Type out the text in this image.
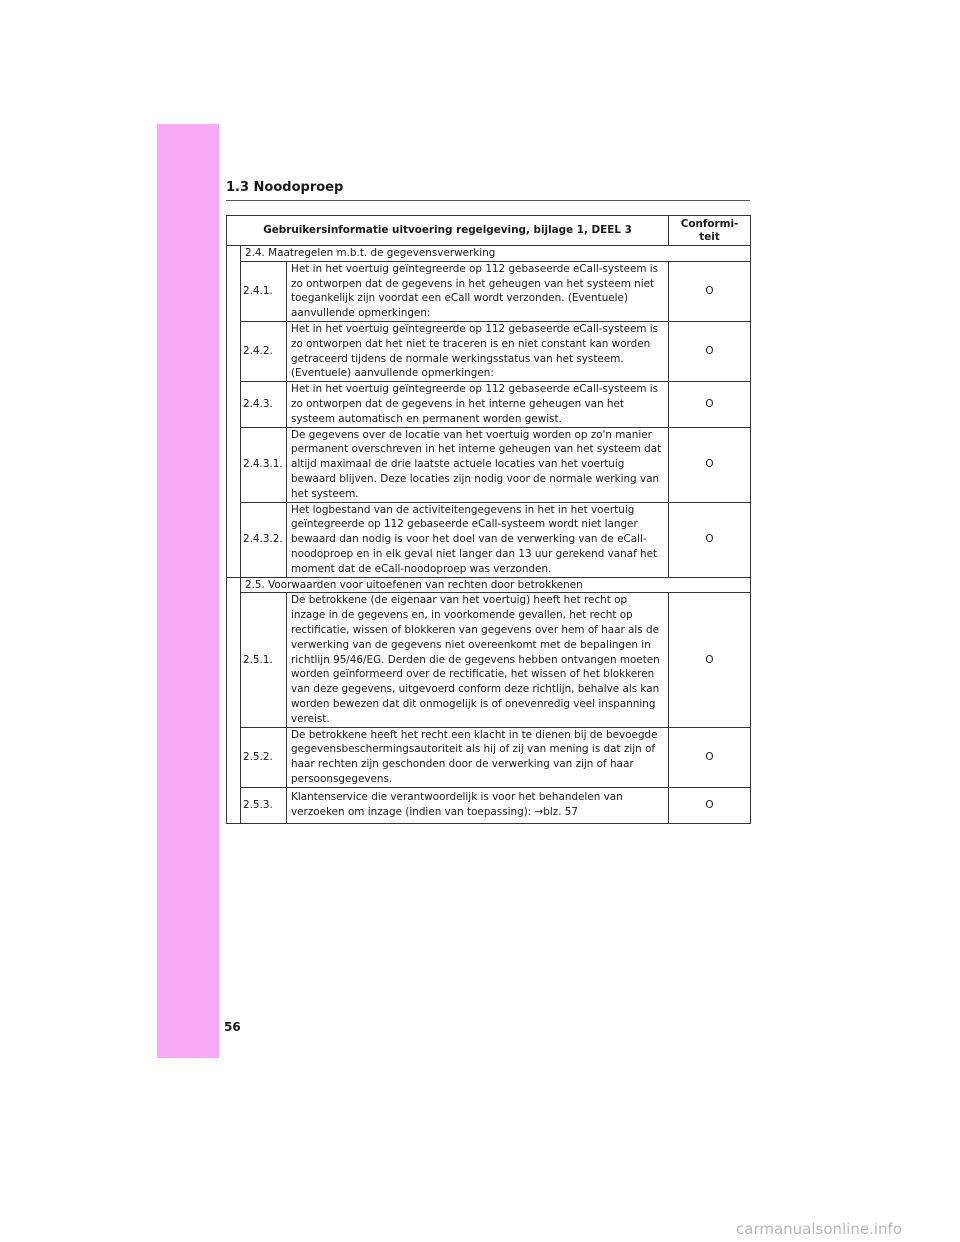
1.3 Noodoproep
Gebruikersinformatie uitvoering regelgeving, bijlage 1, DEEL 3			Conformi-
teit
	2.4. Maatregelen m.b.t. de gegevensverwerking		
	2.4.1.	Het in het voertuig geïntegreerde op 112 gebaseerde eCall-systeem is zo ontworpen dat de gegevens in het geheugen van het systeem niet toegankelijk zijn voordat een eCall wordt verzonden. (Eventuele) aanvullende opmerkingen:	O
	2.4.2.	Het in het voertuig geïntegreerde op 112 gebaseerde eCall-systeem is zo ontworpen dat het niet te traceren is en niet constant kan worden getraceerd tijdens de normale werkingsstatus van het systeem. (Eventuele) aanvullende opmerkingen:	O
	2.4.3.	Het in het voertuig geïntegreerde op 112 gebaseerde eCall-systeem is zo ontworpen dat de gegevens in het interne geheugen van het systeem automatisch en permanent worden gewist.	O
	2.4.3.1.	De gegevens over de locatie van het voertuig worden op zo'n manier permanent overschreven in het interne geheugen van het systeem dat altijd maximaal de drie laatste actuele locaties van het voertuig bewaard blijven. Deze locaties zijn nodig voor de normale werking van het systeem.	O
	2.4.3.2.	Het logbestand van de activiteitengegevens in het in het voertuig geïntegreerde op 112 gebaseerde eCall-systeem wordt niet langer bewaard dan nodig is voor het doel van de verwerking van de eCall-noodoproep en in elk geval niet langer dan 13 uur gerekend vanaf het moment dat de eCall-noodoproep was verzonden.	O
	2.5. Voorwaarden voor uitoefenen van rechten door betrokkenen		
	2.5.1.	De betrokkene (de eigenaar van het voertuig) heeft het recht op inzage in de gegevens en, in voorkomende gevallen, het recht op rectificatie, wissen of blokkeren van gegevens over hem of haar als de verwerking van de gegevens niet overeenkomt met de bepalingen in richtlijn 95/46/EG. Derden die de gegevens hebben ontvangen moeten worden geïnformeerd over de rectificatie, het wissen of het blokkeren van deze gegevens, uitgevoerd conform deze richtlijn, behalve als kan worden bewezen dat dit onmogelijk is of onevenredig veel inspanning vereist.	O
	2.5.2.	De betrokkene heeft het recht een klacht in te dienen bij de bevoegde gegevensbeschermingsautoriteit als hij of zij van mening is dat zijn of haar rechten zijn geschonden door de verwerking van zijn of haar persoonsgegevens.	O
	2.5.3.	Klantenservice die verantwoordelijk is voor het behandelen van verzoeken om inzage (indien van toepassing): →blz. 57	O
56
carmanualsonline.info
